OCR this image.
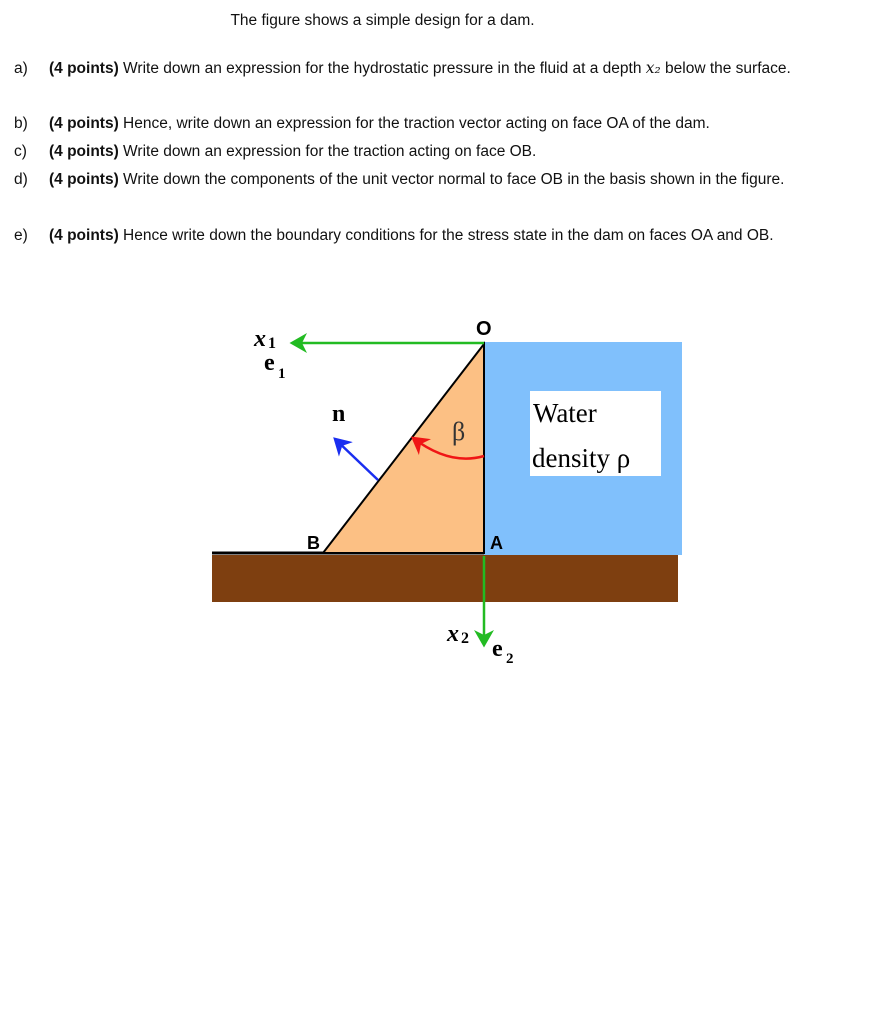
The figure shows a simple design for a dam.
a) (4 points) Write down an expression for the hydrostatic pressure in the fluid at a depth x₂ below the surface.
b) (4 points) Hence, write down an expression for the traction vector acting on face OA of the dam.
c) (4 points) Write down an expression for the traction acting on face OB.
d) (4 points) Write down the components of the unit vector normal to face OB in the basis shown in the figure.
e) (4 points) Hence write down the boundary conditions for the stress state in the dam on faces OA and OB.
Water
density ρ
O
B	A
n
β
x 1
e 1
x 2 e 2
